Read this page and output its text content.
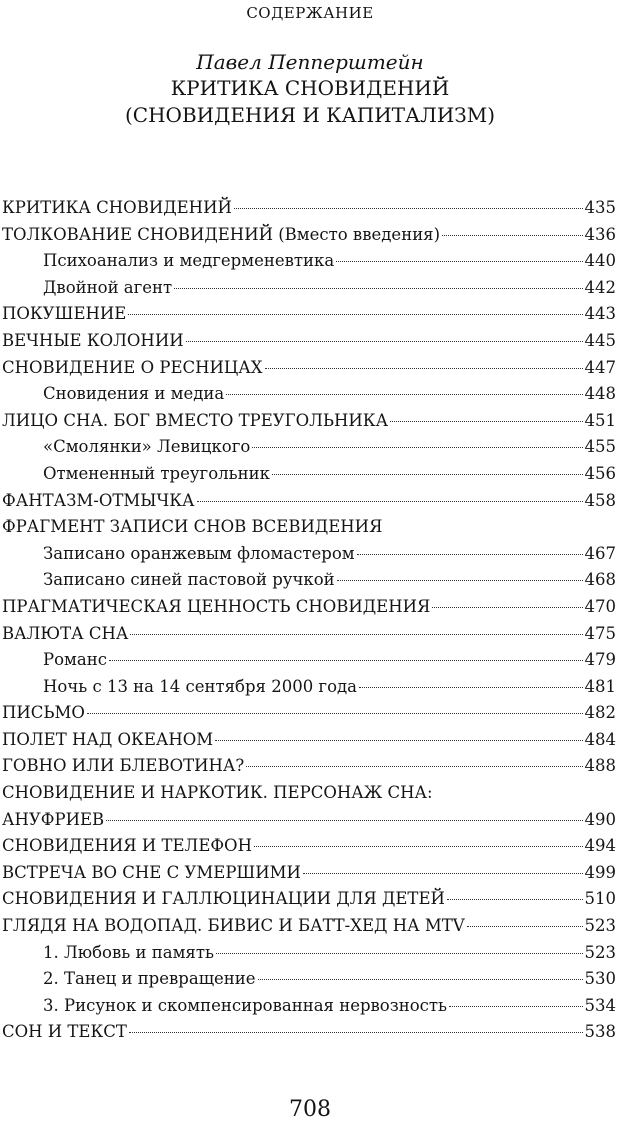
СОДЕРЖАНИЕ
Павел Пепперштейн
КРИТИКА СНОВИДЕНИЙ
(СНОВИДЕНИЯ И КАПИТАЛИЗМ)
КРИТИКА СНОВИДЕНИЙ	435
ТОЛКОВАНИЕ СНОВИДЕНИЙ (Вместо введения)	436
Психоанализ и медгерменевтика	440
Двойной агент	442
ПОКУШЕНИЕ	443
ВЕЧНЫЕ КОЛОНИИ	445
СНОВИДЕНИЕ О РЕСНИЦАХ	447
Сновидения и медиа	448
ЛИЦО СНА. БОГ ВМЕСТО ТРЕУГОЛЬНИКА	451
«Смолянки» Левицкого	455
Отмененный треугольник	456
ФАНТАЗМ-ОТМЫЧКА	458
ФРАГМЕНТ ЗАПИСИ СНОВ ВСЕВИДЕНИЯ
Записано оранжевым фломастером	467
Записано синей пастовой ручкой	468
ПРАГМАТИЧЕСКАЯ ЦЕННОСТЬ СНОВИДЕНИЯ	470
ВАЛЮТА СНА	475
Романс	479
Ночь с 13 на 14 сентября 2000 года	481
ПИСЬМО	482
ПОЛЕТ НАД ОКЕАНОМ	484
ГОВНО ИЛИ БЛЕВОТИНА?	488
СНОВИДЕНИЕ И НАРКОТИК. ПЕРСОНАЖ СНА:
АНУФРИЕВ	490
СНОВИДЕНИЯ И ТЕЛЕФОН	494
ВСТРЕЧА ВО СНЕ С УМЕРШИМИ	499
СНОВИДЕНИЯ И ГАЛЛЮЦИНАЦИИ ДЛЯ ДЕТЕЙ	510
ГЛЯДЯ НА ВОДОПАД. БИВИС И БАТТ-ХЕД НА MTV	523
1. Любовь и память	523
2. Танец и превращение	530
3. Рисунок и скомпенсированная нервозность	534
СОН И ТЕКСТ	538
708
